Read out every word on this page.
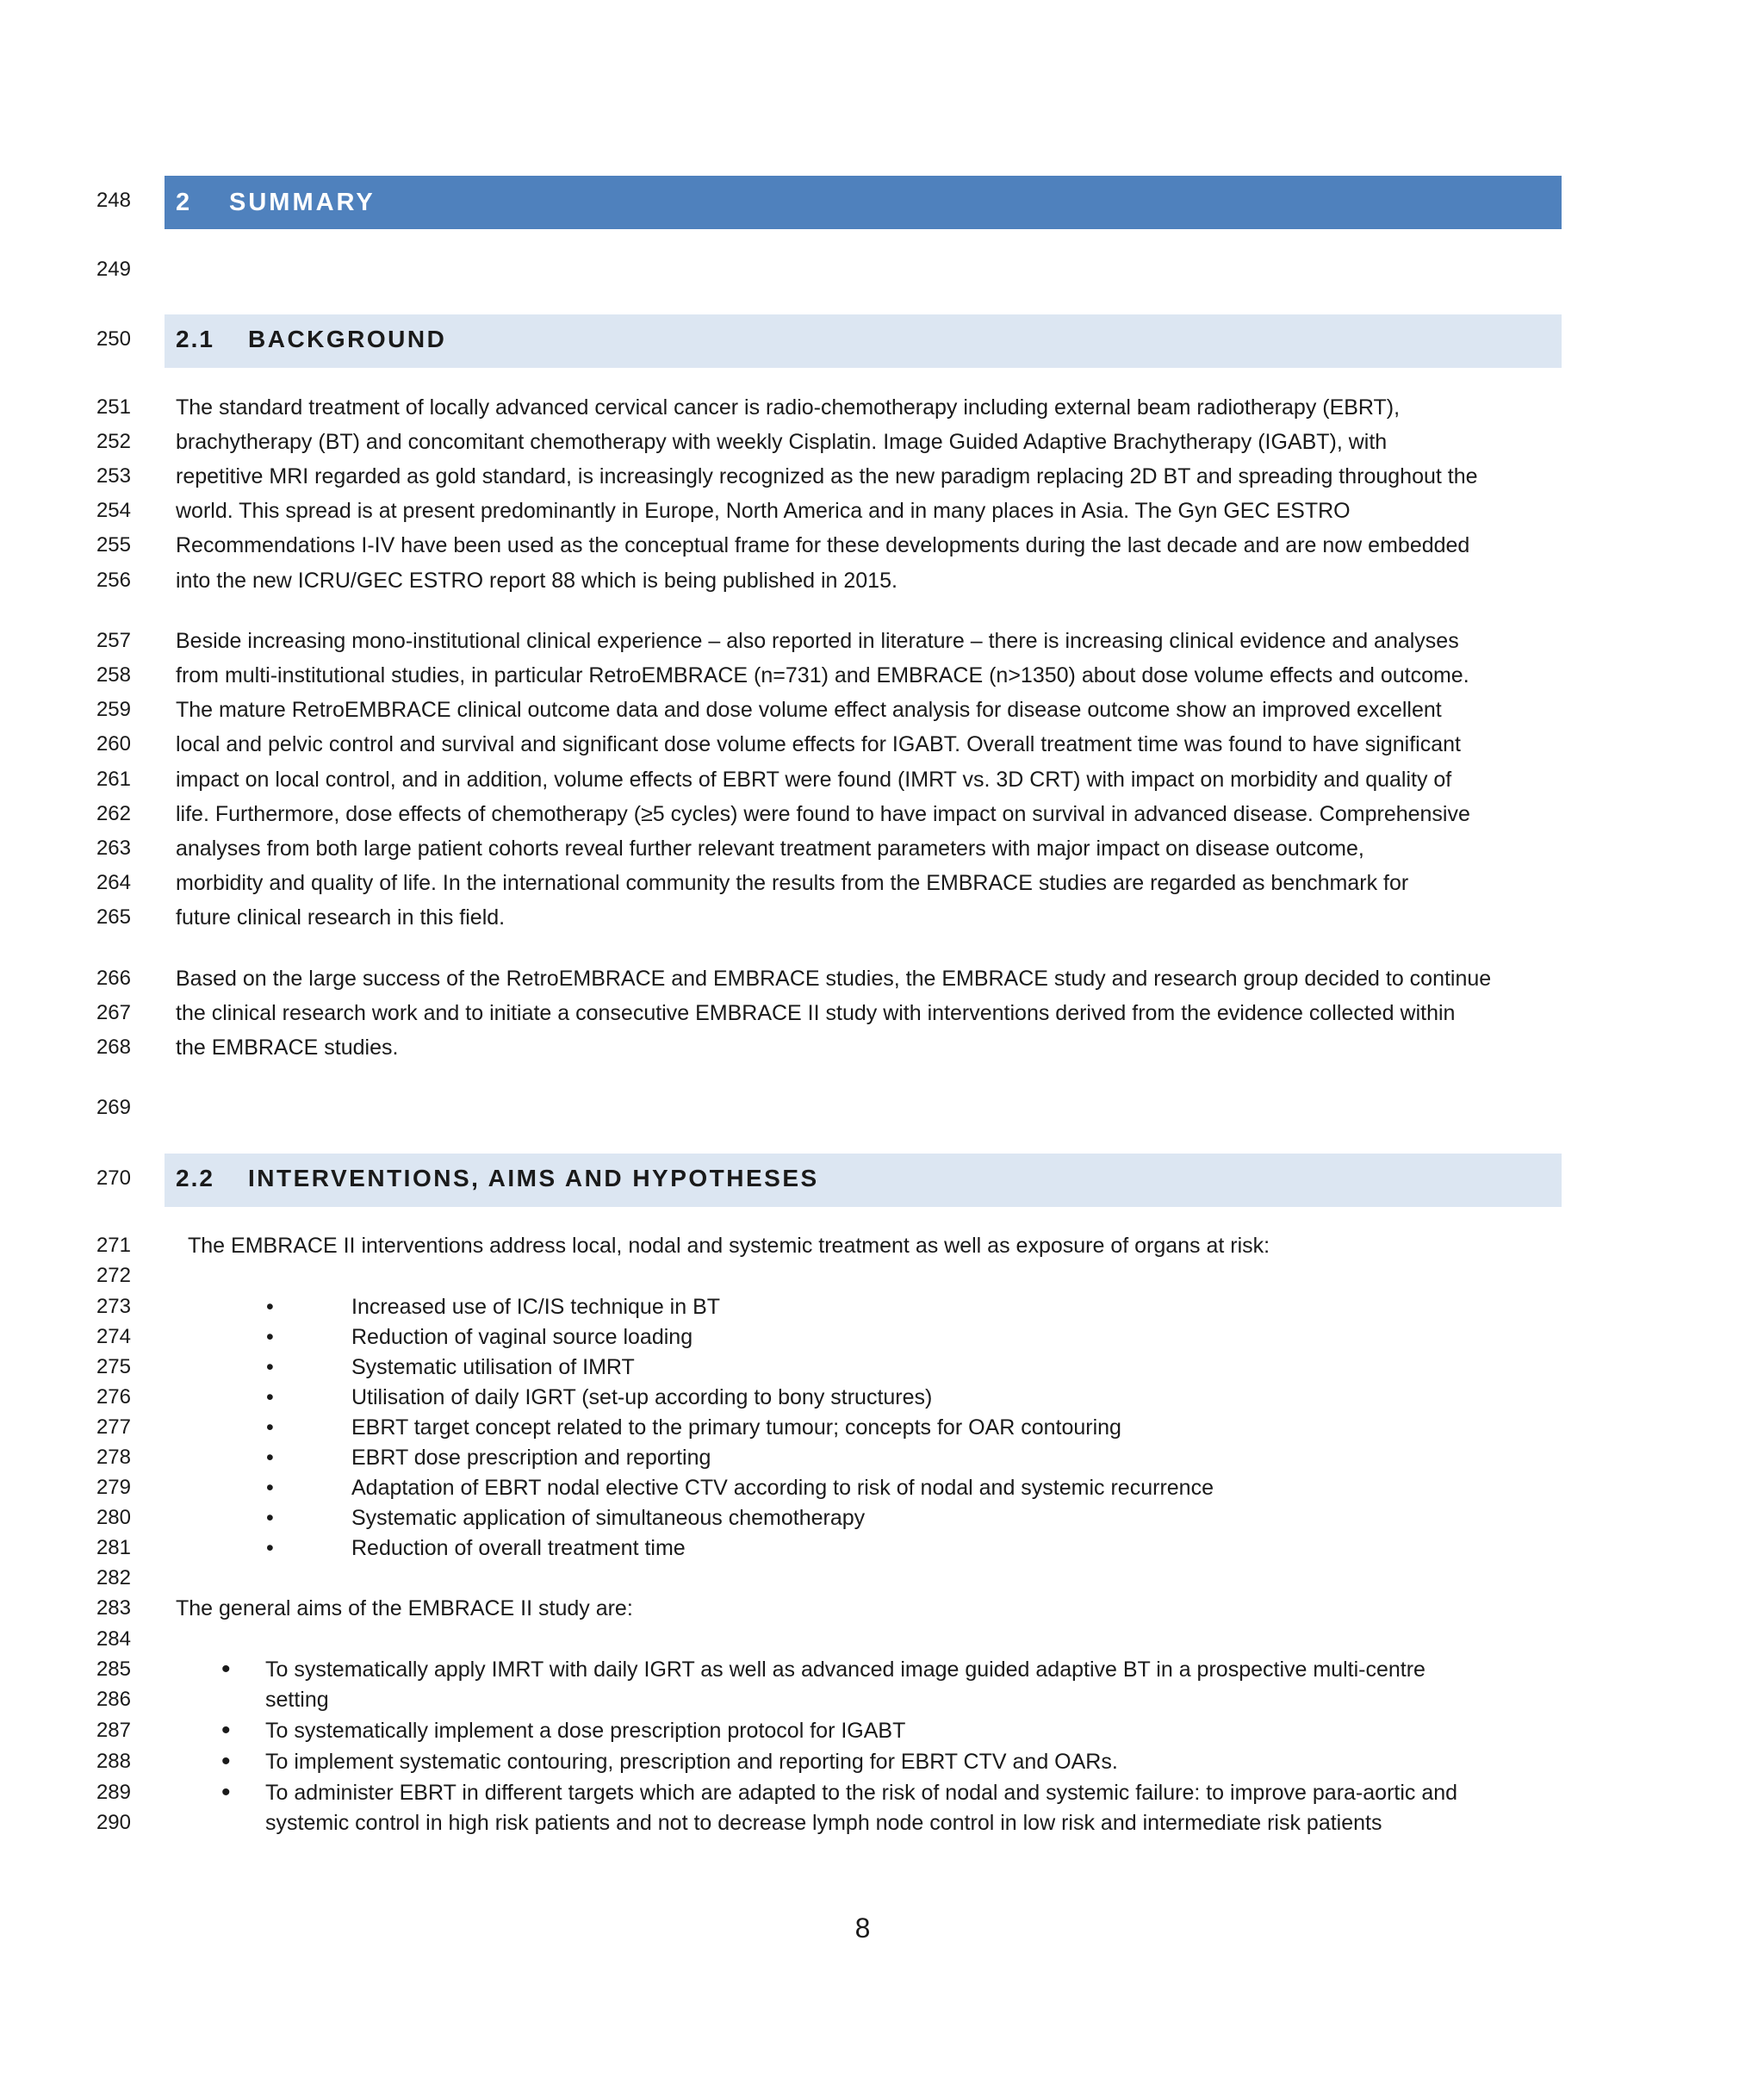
2 SUMMARY
2.1 BACKGROUND
The standard treatment of locally advanced cervical cancer is radio-chemotherapy including external beam radiotherapy (EBRT),
brachytherapy (BT) and concomitant chemotherapy with weekly Cisplatin. Image Guided Adaptive Brachytherapy (IGABT), with
repetitive MRI regarded as gold standard, is increasingly recognized as the new paradigm replacing 2D BT and spreading throughout the
world. This spread is at present predominantly in Europe, North America and in many places in Asia. The Gyn GEC ESTRO
Recommendations I-IV have been used as the conceptual frame for these developments during the last decade and are now embedded
into the new ICRU/GEC ESTRO report 88 which is being published in 2015.
Beside increasing mono-institutional clinical experience – also reported in literature – there is increasing clinical evidence and analyses
from multi-institutional studies, in particular RetroEMBRACE (n=731) and EMBRACE (n>1350) about dose volume effects and outcome.
The mature RetroEMBRACE clinical outcome data and dose volume effect analysis for disease outcome show an improved excellent
local and pelvic control and survival and significant dose volume effects for IGABT. Overall treatment time was found to have significant
impact on local control, and in addition, volume effects of EBRT were found (IMRT vs. 3D CRT) with impact on morbidity and quality of
life. Furthermore, dose effects of chemotherapy (≥5 cycles) were found to have impact on survival in advanced disease. Comprehensive
analyses from both large patient cohorts reveal further relevant treatment parameters with major impact on disease outcome,
morbidity and quality of life. In the international community the results from the EMBRACE studies are regarded as benchmark for
future clinical research in this field.
Based on the large success of the RetroEMBRACE and EMBRACE studies, the EMBRACE study and research group decided to continue
the clinical research work and to initiate a consecutive EMBRACE II study with interventions derived from the evidence collected within
the EMBRACE studies.
2.2 INTERVENTIONS, AIMS AND HYPOTHESES
The EMBRACE II interventions address local, nodal and systemic treatment as well as exposure of organs at risk:
•	Increased use of IC/IS technique in BT
•	Reduction of vaginal source loading
•	Systematic utilisation of IMRT
•	Utilisation of daily IGRT (set-up according to bony structures)
•	EBRT target concept related to the primary tumour; concepts for OAR contouring
•	EBRT dose prescription and reporting
•	Adaptation of EBRT nodal elective CTV according to risk of nodal and systemic recurrence
•	Systematic application of simultaneous chemotherapy
•	Reduction of overall treatment time
The general aims of the EMBRACE II study are:
• To systematically apply IMRT with daily IGRT as well as advanced image guided adaptive BT in a prospective multi-centre
setting
• To systematically implement a dose prescription protocol for IGABT
• To implement systematic contouring, prescription and reporting for EBRT CTV and OARs.
• To administer EBRT in different targets which are adapted to the risk of nodal and systemic failure: to improve para-aortic and
systemic control in high risk patients and not to decrease lymph node control in low risk and intermediate risk patients
248
249
250
251
252
253
254
255
256
257
258
259
260
261
262
263
264
265
266
267
268
269
270
271
272
273
274
275
276
277
278
279
280
281
282
283
284
285
286
287
288
289
290
8
